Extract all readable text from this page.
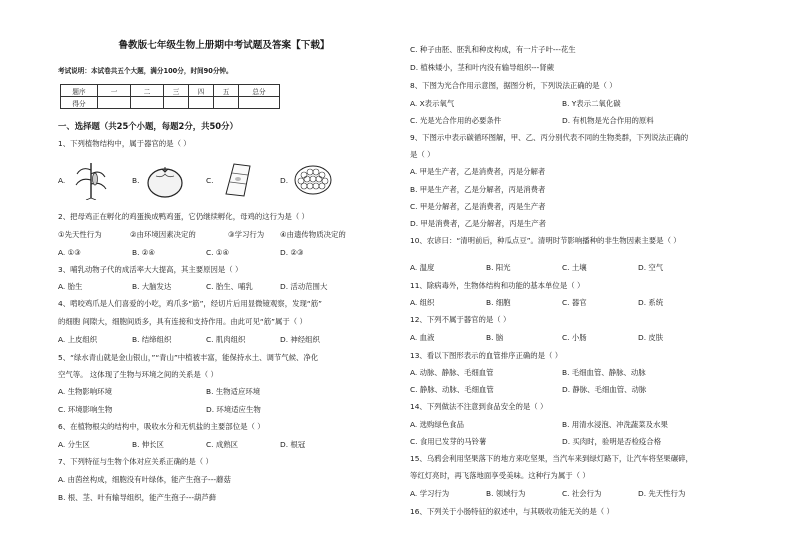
鲁教版七年级生物上册期中考试题及答案【下载】
考试说明：本试卷共五个大题，满分100分，时间90分钟。
一、选择题（共25个小题，每题2分，共50分）
1、下列植物结构中，属于器官的是（ ）
A.	B.	C.	D.
2、把母鸡正在孵化的鸡蛋换成鸭鸡蛋，它仍继续孵化，母鸡的这行为是（ ）
①先天性行为	②由环境因素决定的	③学习行为 ④由遗传物质决定的
A. ①③	B. ②④	C. ①④	D. ②③
3、哺乳动物子代的成活率大大提高，其主要原因是（ ）
A. 胎生	B. 大脑发达	C. 胎生、哺乳	D. 活动范围大
4、啃咬鸡爪是人们喜爱的小吃，鸡爪多“筋”，经切片后用显微镜观察，发现“筋”
的细胞 间隙大，细胞间质多，具有连接和支持作用。由此可见“筋”属于（ ）
A. 上皮组织	B. 结缔组织	C. 肌肉组织	D. 神经组织
5、“绿水青山就是金山银山，”“青山”中植被丰富，能保持水土、调节气候、净化
空气等。 这体现了生物与环境之间的关系是（ ）
A. 生物影响环境	B. 生物适应环境
C. 环境影响生物	D. 环境适应生物
6、在植物根尖的结构中，吸收水分和无机盐的主要部位是（ ）
A. 分生区	B. 伸长区	C. 成熟区	D. 根冠
7、下列特征与生物个体对应关系正确的是（ ）
A. 由茵丝构成，细胞没有叶绿体，能产生孢子---蘑菇
B. 根、茎、叶有输导组织，能产生孢子---葫芦藓
题序	一	二	三	四	五	总分
得分						
C. 种子由胚、胚乳和种皮构成，有一片子叶---花生
D. 植株矮小，茎和叶内没有输导组织---肾蕨
8、下图为光合作用示意图，据图分析，下列说法正确的是（ ）
A. X表示氧气	B. Y表示二氧化碳
C. 光是光合作用的必要条件	D. 有机物是光合作用的原料
9、下图示中表示碳循环图解，甲、乙、丙分别代表不同的生物类群，下列说法正确的
是（ ）
A. 甲是生产者，乙是消费者，丙是分解者
B. 甲是生产者，乙是分解者，丙是消费者
C. 甲是分解者，乙是消费者，丙是生产者
D. 甲是消费者，乙是分解者，丙是生产者
10、农谚曰：“清明前后，种瓜点豆”。清明时节影响播种的非生物因素主要是（ ）
A. 温度	B. 阳光	C. 土壤	D. 空气
11、除病毒外，生物体结构和功能的基本单位是（ ）
A. 组织	B. 细胞	C. 器官	D. 系统
12、下列不属于器官的是（ ）
A. 血液	B. 脑	C. 小肠	D. 皮肤
13、看以下图形表示的血管排序正确的是（ ）
A. 动脉、静脉、毛细血管	B. 毛细血管、静脉、动脉
C. 静脉、动脉、毛细血管	D. 静脉、毛细血管、动脉
14、下列做法不注意到食品安全的是（ ）
A. 选购绿色食品	B. 用清水浸泡、冲洗蔬菜及水果
C. 食用已发芽的马铃薯	D. 买肉时，验明是否检疫合格
15、乌鸦会利用坚果落下的地方来吃坚果，当汽车来到绿灯路下，让汽车将坚果碾碎，
等红灯亮时，再飞落地面享受美味。这种行为属于（ ）
A. 学习行为	B. 领域行为	C. 社会行为	D. 先天性行为
16、下列关于小肠特征的叙述中，与其吸收功能无关的是（ ）
